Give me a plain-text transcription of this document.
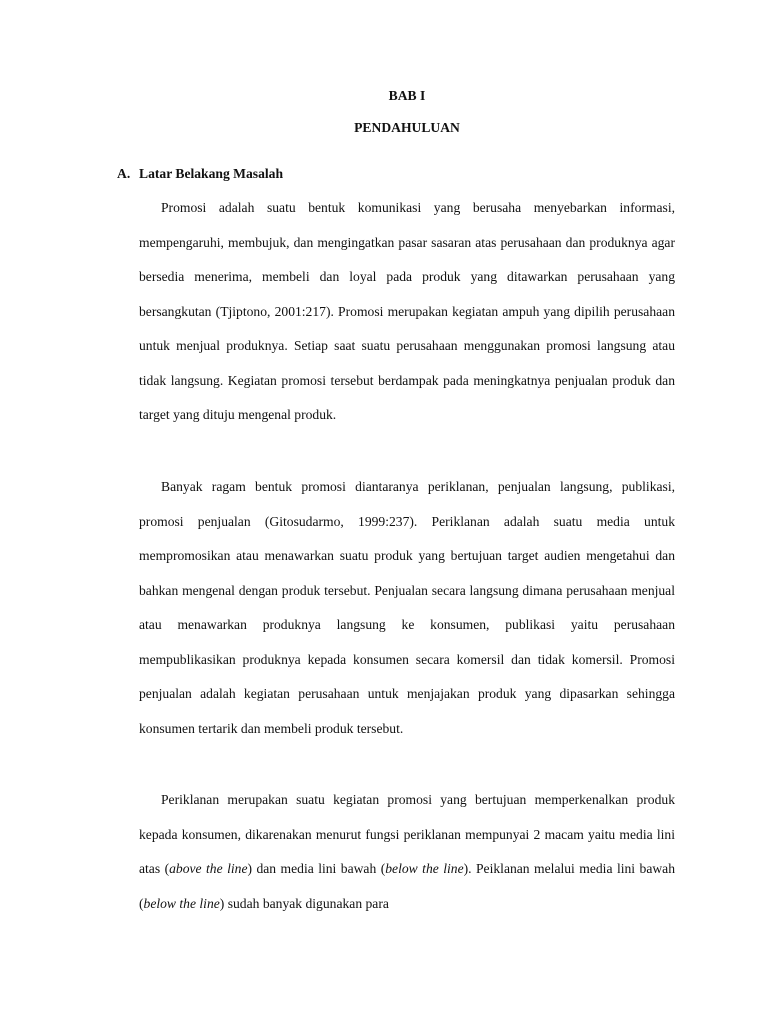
BAB I
PENDAHULUAN
A. Latar Belakang Masalah

Promosi adalah suatu bentuk komunikasi yang berusaha menyebarkan informasi, mempengaruhi, membujuk, dan mengingatkan pasar sasaran atas perusahaan dan produknya agar bersedia menerima, membeli dan loyal pada produk yang ditawarkan perusahaan yang bersangkutan (Tjiptono, 2001:217). Promosi merupakan kegiatan ampuh yang dipilih perusahaan untuk menjual produknya. Setiap saat suatu perusahaan menggunakan promosi langsung atau tidak langsung. Kegiatan promosi tersebut berdampak pada meningkatnya penjualan produk dan target yang dituju mengenal produk.

Banyak ragam bentuk promosi diantaranya periklanan, penjualan langsung, publikasi, promosi penjualan (Gitosudarmo, 1999:237). Periklanan adalah suatu media untuk mempromosikan atau menawarkan suatu produk yang bertujuan target audien mengetahui dan bahkan mengenal dengan produk tersebut. Penjualan secara langsung dimana perusahaan menjual atau menawarkan produknya langsung ke konsumen, publikasi yaitu perusahaan mempublikasikan produknya kepada konsumen secara komersil dan tidak komersil. Promosi penjualan adalah kegiatan perusahaan untuk menjajakan produk yang dipasarkan sehingga konsumen tertarik dan membeli produk tersebut.

Periklanan merupakan suatu kegiatan promosi yang bertujuan memperkenalkan produk kepada konsumen, dikarenakan menurut fungsi periklanan mempunyai 2 macam yaitu media lini atas (above the line) dan media lini bawah (below the line). Peiklanan melalui media lini bawah (below the line) sudah banyak digunakan para
